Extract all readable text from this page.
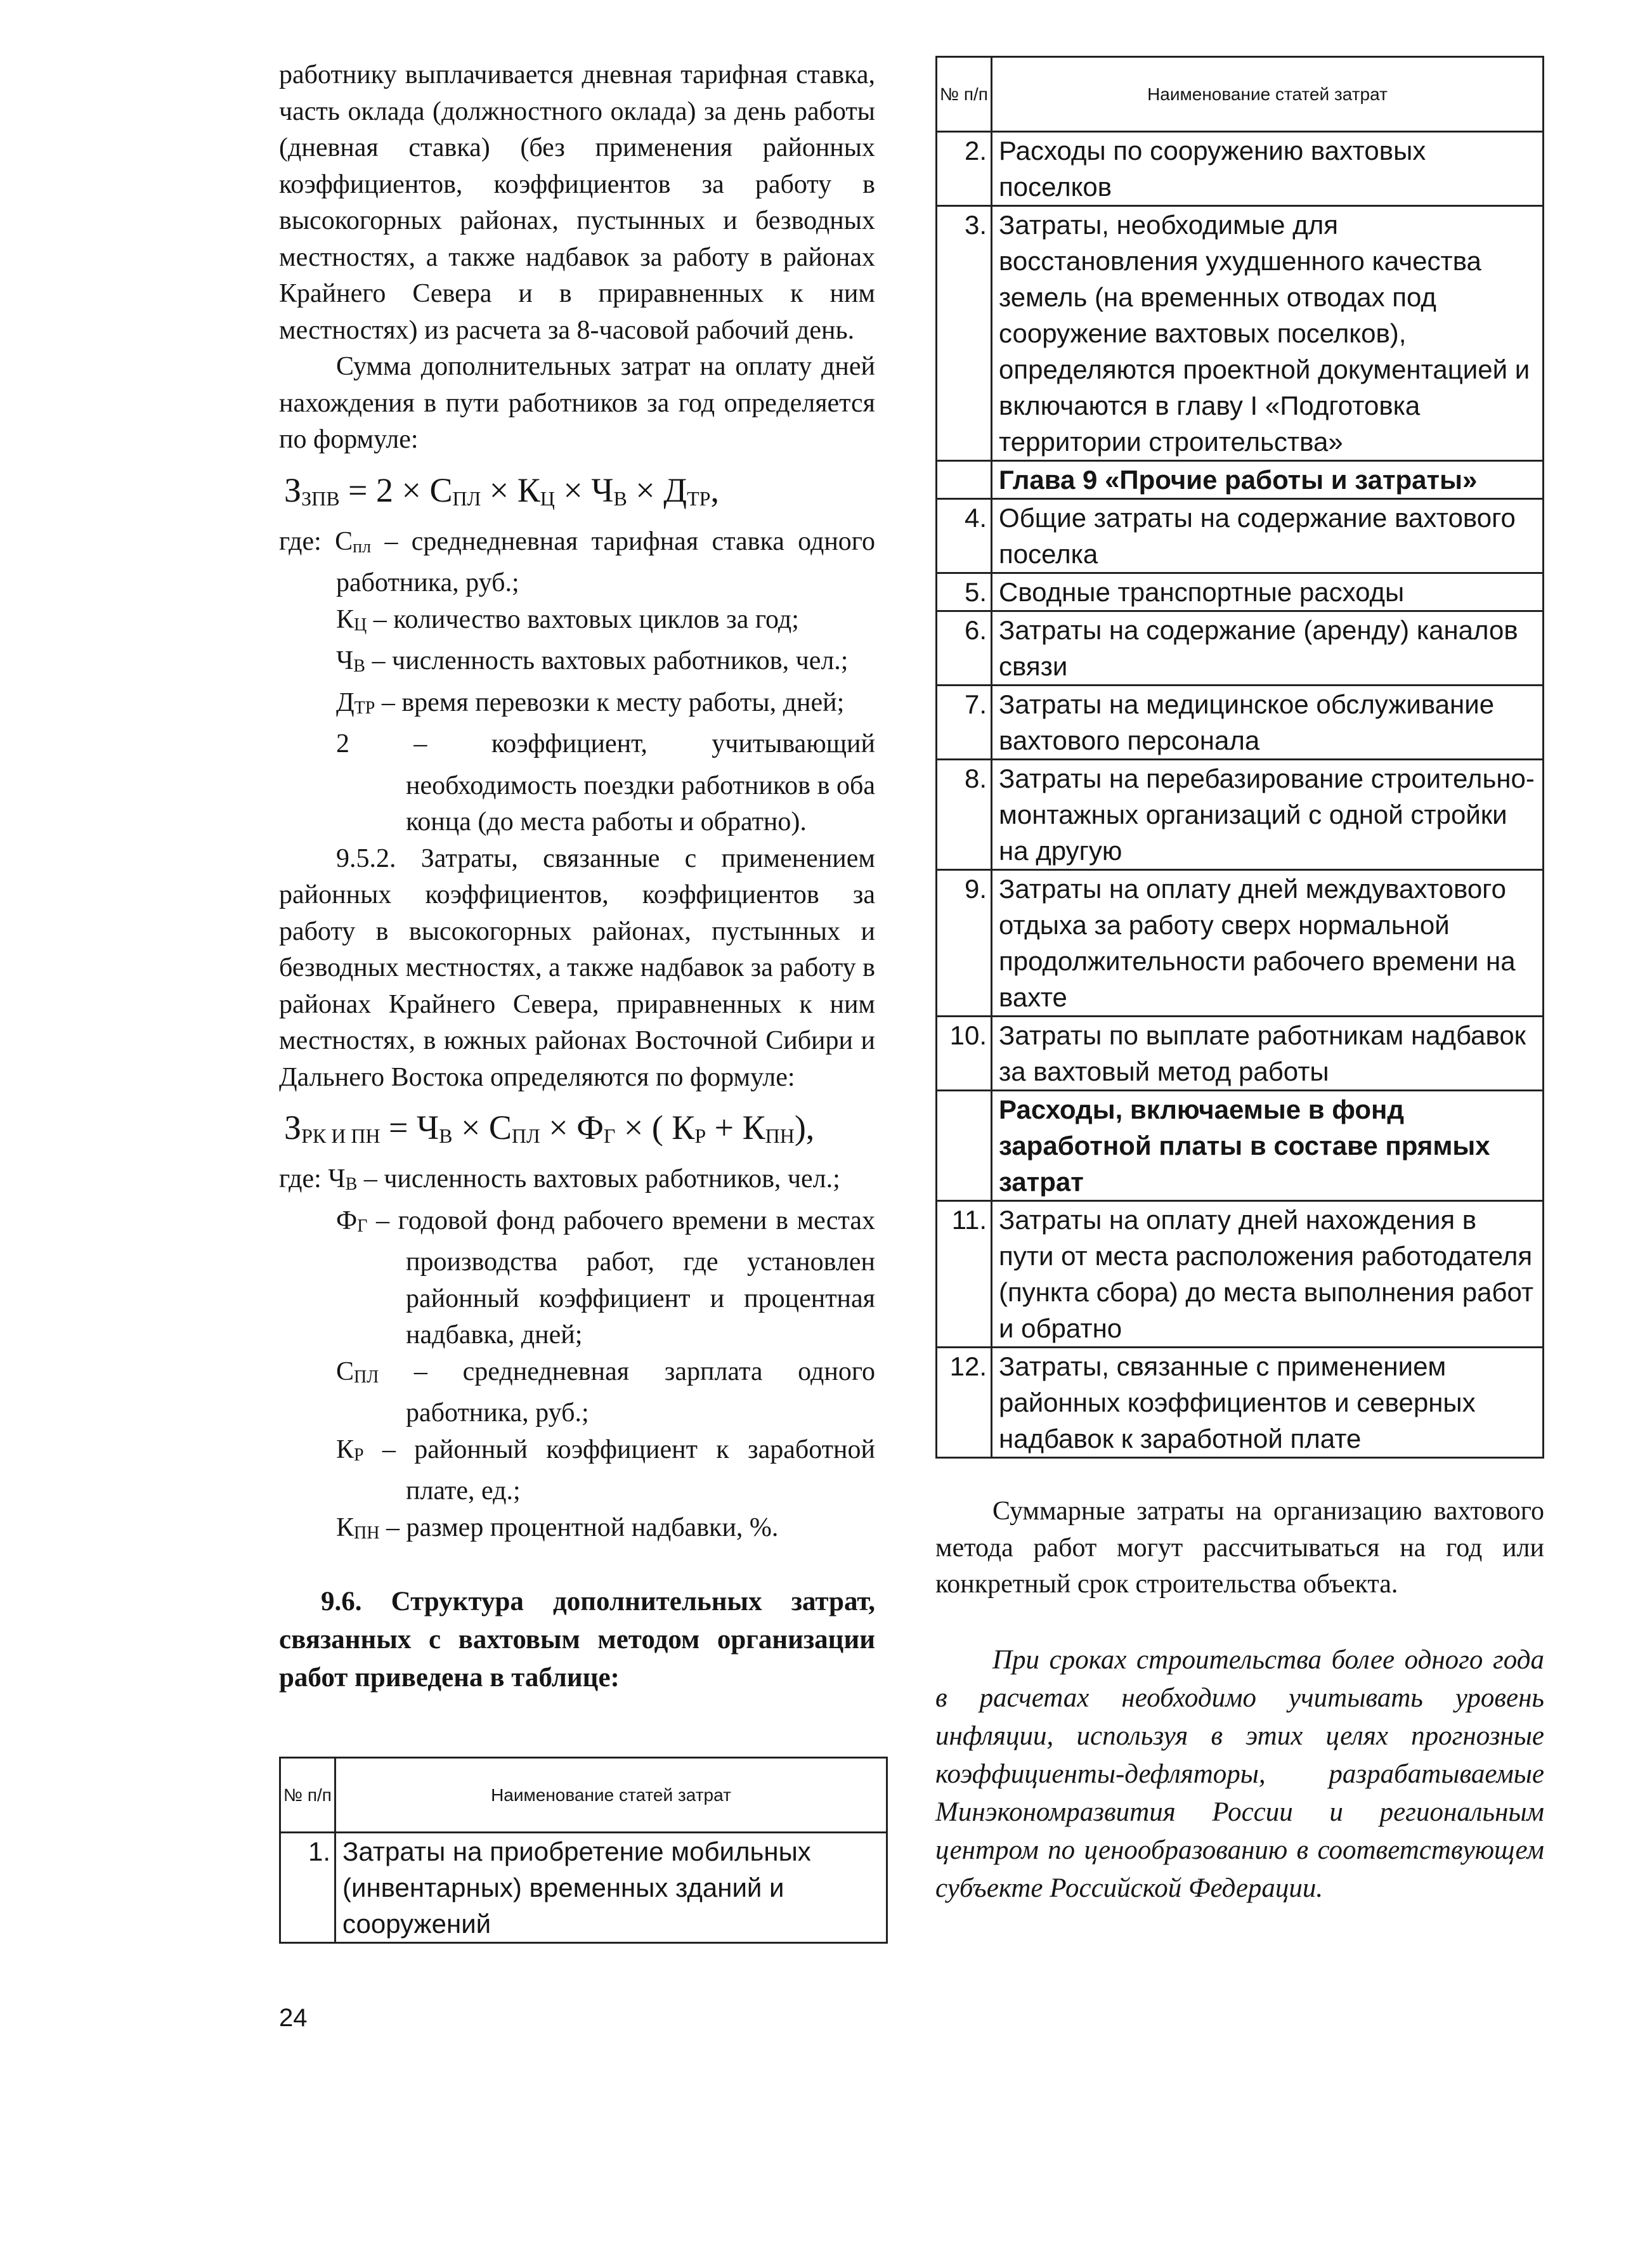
работнику выплачивается дневная тарифная ставка, часть оклада (должностного оклада) за день работы (дневная ставка) (без применения районных коэффициентов, коэффициентов за работу в высокогорных районах, пустынных и безводных местностях, а также надбавок за работу в районах Крайнего Севера и в приравненных к ним местностях) из расчета за 8-часовой рабочий день.

Сумма дополнительных затрат на оплату дней нахождения в пути работников за год определяется по формуле:

$З_{ЗПВ} = 2 \times С_{ПЛ} \times К_Ц \times Ч_В \times Д_{ТР}$,
где: $С_{пл}$ – среднедневная тарифная ставка одного работника, руб.;
$К_Ц$ – количество вахтовых циклов за год;
$Ч_В$ – численность вахтовых работников, чел.;
$Д_{ТР}$ – время перевозки к месту работы, дней;
2 – коэффициент, учитывающий необходимость поездки работников в оба конца (до места работы и обратно).

9.5.2. Затраты, связанные с применением районных коэффициентов, коэффициентов за работу в высокогорных районах, пустынных и безводных местностях, а также надбавок за работу в районах Крайнего Севера, приравненных к ним местностях, в южных районах Восточной Сибири и Дальнего Востока определяются по формуле:

$З_{РК И ПН} = Ч_В \times С_{ПЛ} \times Ф_Г$ × ( $К_Р + К_{ПН}$),
где: $Ч_В$ – численность вахтовых работников, чел.;
$Ф_Г$ – годовой фонд рабочего времени в местах производства работ, где установлен районный коэффициент и процентная надбавка, дней;
$С_{ПЛ}$ – среднедневная зарплата одного работника, руб.;
$К_Р$ – районный коэффициент к заработной плате, ед.;
$К_{ПН}$ – размер процентной надбавки, %.

9.6. Структура дополнительных затрат, связанных с вахтовым методом организации работ приведена в таблице:

№ п/п	Наименование статей затрат
1.	Затраты на приобретение мобильных (инвентарных) временных зданий и сооружений
№ п/п	Наименование статей затрат
2.	Расходы по сооружению вахтовых поселков
3.	Затраты, необходимые для восстановления ухудшенного качества земель (на временных отводах под сооружение вахтовых поселков), определяются проектной документацией и включаются в главу I «Подготовка территории строительства»
	Глава 9 «Прочие работы и затраты»
4.	Общие затраты на содержание вахтового поселка
5.	Сводные транспортные расходы
6.	Затраты на содержание (аренду) каналов связи
7.	Затраты на медицинское обслуживание вахтового персонала
8.	Затраты на перебазирование строительно-монтажных организаций с одной стройки на другую
9.	Затраты на оплату дней междувахтового отдыха за работу сверх нормальной продолжительности рабочего времени на вахте
10.	Затраты по выплате работникам надбавок за вахтовый метод работы
	Расходы, включаемые в фонд заработной платы в составе прямых затрат
11.	Затраты на оплату дней нахождения в пути от места расположения работодателя (пункта сбора) до места выполнения работ и обратно
12.	Затраты, связанные с применением районных коэффициентов и северных надбавок к заработной плате

Суммарные затраты на организацию вахтового метода работ могут рассчитываться на год или конкретный срок строительства объекта.

При сроках строительства более одного года в расчетах необходимо учитывать уровень инфляции, используя в этих целях прогнозные коэффициенты-дефляторы, разрабатываемые Минэкономразвития России и региональным центром по ценообразованию в соответствующем субъекте Российской Федерации.

24
